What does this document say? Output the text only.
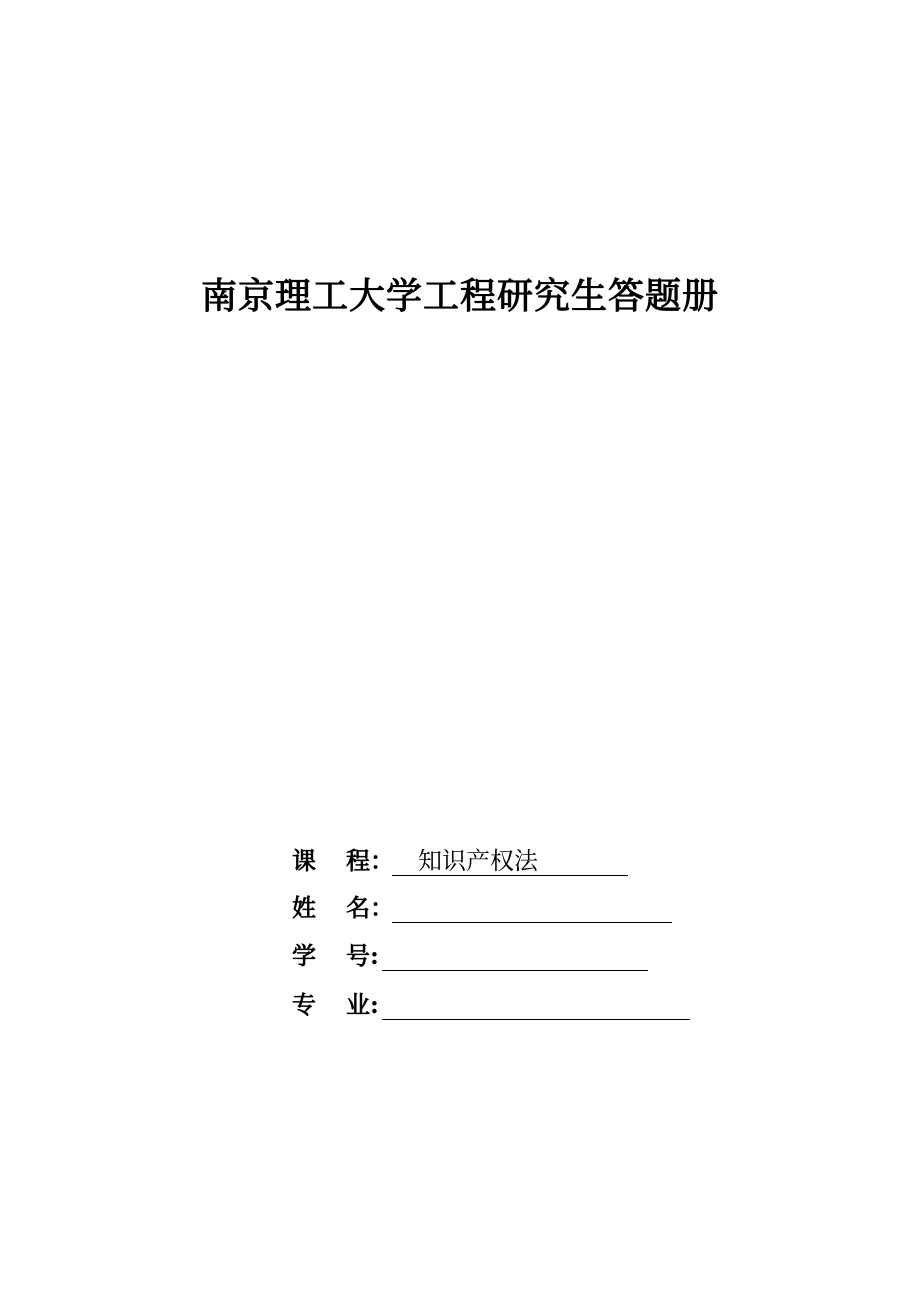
南京理工大学工程研究生答题册
课 程 ：	知识产权法
姓 名 ：
学 号 :
专 业 :
